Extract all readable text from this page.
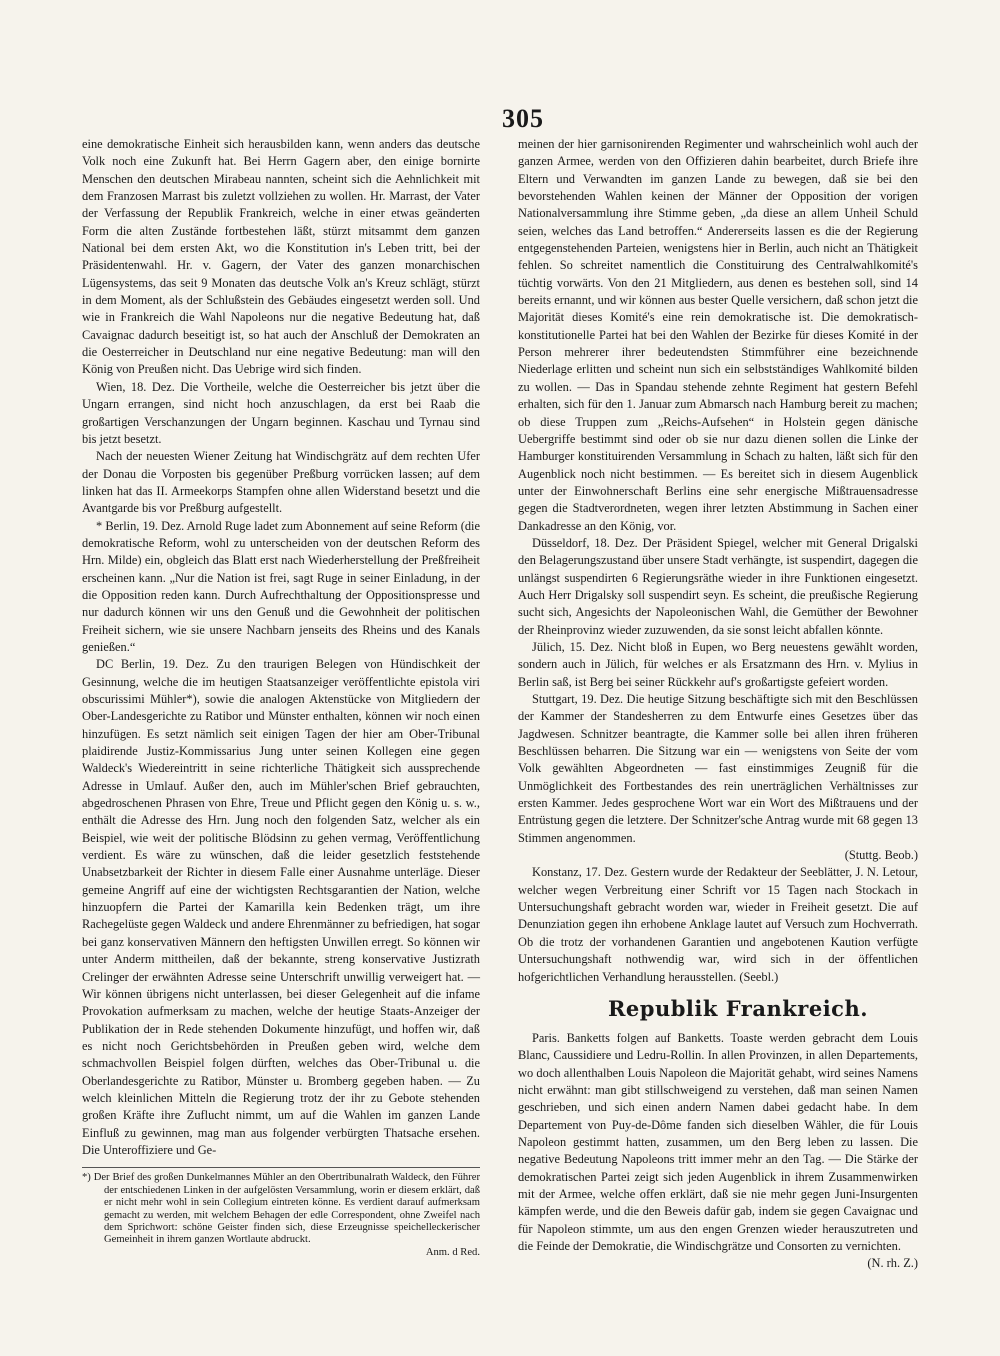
305

eine demokratische Einheit sich herausbilden kann, wenn anders das deutsche Volk noch eine Zukunft hat. Bei Herrn Gagern aber, den einige bornirte Menschen den deutschen Mirabeau nannten, scheint sich die Aehnlichkeit mit dem Franzosen Marrast bis zuletzt vollziehen zu wollen. Hr. Marrast, der Vater der Verfassung der Republik Frankreich, welche in einer etwas geänderten Form die alten Zustände fortbestehen läßt, stürzt mitsammt dem ganzen National bei dem ersten Akt, wo die Konstitution in's Leben tritt, bei der Präsidentenwahl. Hr. v. Gagern, der Vater des ganzen monarchischen Lügensystems, das seit 9 Monaten das deutsche Volk an's Kreuz schlägt, stürzt in dem Moment, als der Schlußstein des Gebäudes eingesetzt werden soll. Und wie in Frankreich die Wahl Napoleons nur die negative Bedeutung hat, daß Cavaignac dadurch beseitigt ist, so hat auch der Anschluß der Demokraten an die Oesterreicher in Deutschland nur eine negative Bedeutung: man will den König von Preußen nicht. Das Uebrige wird sich finden.

Wien, 18. Dez. Die Vortheile, welche die Oesterreicher bis jetzt über die Ungarn errangen, sind nicht hoch anzuschlagen, da erst bei Raab die großartigen Verschanzungen der Ungarn beginnen. Kaschau und Tyrnau sind bis jetzt besetzt.

Nach der neuesten Wiener Zeitung hat Windischgrätz auf dem rechten Ufer der Donau die Vorposten bis gegenüber Preßburg vorrücken lassen; auf dem linken hat das II. Armeekorps Stampfen ohne allen Widerstand besetzt und die Avantgarde bis vor Preßburg aufgestellt.

* Berlin, 19. Dez. Arnold Ruge ladet zum Abonnement auf seine Reform (die demokratische Reform, wohl zu unterscheiden von der deutschen Reform des Hrn. Milde) ein, obgleich das Blatt erst nach Wiederherstellung der Preßfreiheit erscheinen kann. „Nur die Nation ist frei, sagt Ruge in seiner Einladung, in der die Opposition reden kann. Durch Aufrechthaltung der Oppositionspresse und nur dadurch können wir uns den Genuß und die Gewohnheit der politischen Freiheit sichern, wie sie unsere Nachbarn jenseits des Rheins und des Kanals genießen.“

DC Berlin, 19. Dez. Zu den traurigen Belegen von Hündischkeit der Gesinnung, welche die im heutigen Staatsanzeiger veröffentlichte epistola viri obscurissimi Mühler*), sowie die analogen Aktenstücke von Mitgliedern der Ober-Landesgerichte zu Ratibor und Münster enthalten, können wir noch einen hinzufügen. Es setzt nämlich seit einigen Tagen der hier am Ober-Tribunal plaidirende Justiz-Kommissarius Jung unter seinen Kollegen eine gegen Waldeck's Wiedereintritt in seine richterliche Thätigkeit sich aussprechende Adresse in Umlauf. Außer den, auch im Mühler'schen Brief gebrauchten, abgedroschenen Phrasen von Ehre, Treue und Pflicht gegen den König u. s. w., enthält die Adresse des Hrn. Jung noch den folgenden Satz, welcher als ein Beispiel, wie weit der politische Blödsinn zu gehen vermag, Veröffentlichung verdient. Es wäre zu wünschen, daß die leider gesetzlich feststehende Unabsetzbarkeit der Richter in diesem Falle einer Ausnahme unterläge. Dieser gemeine Angriff auf eine der wichtigsten Rechtsgarantien der Nation, welche hinzuopfern die Partei der Kamarilla kein Bedenken trägt, um ihre Rachegelüste gegen Waldeck und andere Ehrenmänner zu befriedigen, hat sogar bei ganz konservativen Männern den heftigsten Unwillen erregt. So können wir unter Anderm mittheilen, daß der bekannte, streng konservative Justizrath Crelinger der erwähnten Adresse seine Unterschrift unwillig verweigert hat. — Wir können übrigens nicht unterlassen, bei dieser Gelegenheit auf die infame Provokation aufmerksam zu machen, welche der heutige Staats-Anzeiger der Publikation der in Rede stehenden Dokumente hinzufügt, und hoffen wir, daß es nicht noch Gerichtsbehörden in Preußen geben wird, welche dem schmachvollen Beispiel folgen dürften, welches das Ober-Tribunal u. die Oberlandesgerichte zu Ratibor, Münster u. Bromberg gegeben haben. — Zu welch kleinlichen Mitteln die Regierung trotz der ihr zu Gebote stehenden großen Kräfte ihre Zuflucht nimmt, um auf die Wahlen im ganzen Lande Einfluß zu gewinnen, mag man aus folgender verbürgten Thatsache ersehen. Die Unteroffiziere und Ge-

*) Der Brief des großen Dunkelmannes Mühler an den Obertribunalrath Waldeck, den Führer der entschiedenen Linken in der aufgelösten Versammlung, worin er diesem erklärt, daß er nicht mehr wohl in sein Collegium eintreten könne. Es verdient darauf aufmerksam gemacht zu werden, mit welchem Behagen der edle Correspondent, ohne Zweifel nach dem Sprichwort: schöne Geister finden sich, diese Erzeugnisse speichelleckerischer Gemeinheit in ihrem ganzen Wortlaute abdruckt.
Anm. d Red.

meinen der hier garnisonirenden Regimenter und wahrscheinlich wohl auch der ganzen Armee, werden von den Offizieren dahin bearbeitet, durch Briefe ihre Eltern und Verwandten im ganzen Lande zu bewegen, daß sie bei den bevorstehenden Wahlen keinen der Männer der Opposition der vorigen Nationalversammlung ihre Stimme geben, „da diese an allem Unheil Schuld seien, welches das Land betroffen.“ Andererseits lassen es die der Regierung entgegenstehenden Parteien, wenigstens hier in Berlin, auch nicht an Thätigkeit fehlen. So schreitet namentlich die Constituirung des Centralwahlkomité's tüchtig vorwärts. Von den 21 Mitgliedern, aus denen es bestehen soll, sind 14 bereits ernannt, und wir können aus bester Quelle versichern, daß schon jetzt die Majorität dieses Komité's eine rein demokratische ist. Die demokratisch-konstitutionelle Partei hat bei den Wahlen der Bezirke für dieses Komité in der Person mehrerer ihrer bedeutendsten Stimmführer eine bezeichnende Niederlage erlitten und scheint nun sich ein selbstständiges Wahlkomité bilden zu wollen. — Das in Spandau stehende zehnte Regiment hat gestern Befehl erhalten, sich für den 1. Januar zum Abmarsch nach Hamburg bereit zu machen; ob diese Truppen zum „Reichs-Aufsehen“ in Holstein gegen dänische Uebergriffe bestimmt sind oder ob sie nur dazu dienen sollen die Linke der Hamburger konstituirenden Versammlung in Schach zu halten, läßt sich für den Augenblick noch nicht bestimmen. — Es bereitet sich in diesem Augenblick unter der Einwohnerschaft Berlins eine sehr energische Mißtrauensadresse gegen die Stadtverordneten, wegen ihrer letzten Abstimmung in Sachen einer Dankadresse an den König, vor.

Düsseldorf, 18. Dez. Der Präsident Spiegel, welcher mit General Drigalski den Belagerungszustand über unsere Stadt verhängte, ist suspendirt, dagegen die unlängst suspendirten 6 Regierungsräthe wieder in ihre Funktionen eingesetzt. Auch Herr Drigalsky soll suspendirt seyn. Es scheint, die preußische Regierung sucht sich, Angesichts der Napoleonischen Wahl, die Gemüther der Bewohner der Rheinprovinz wieder zuzuwenden, da sie sonst leicht abfallen könnte.

Jülich, 15. Dez. Nicht bloß in Eupen, wo Berg neuestens gewählt worden, sondern auch in Jülich, für welches er als Ersatzmann des Hrn. v. Mylius in Berlin saß, ist Berg bei seiner Rückkehr auf's großartigste gefeiert worden.

Stuttgart, 19. Dez. Die heutige Sitzung beschäftigte sich mit den Beschlüssen der Kammer der Standesherren zu dem Entwurfe eines Gesetzes über das Jagdwesen. Schnitzer beantragte, die Kammer solle bei allen ihren früheren Beschlüssen beharren. Die Sitzung war ein — wenigstens von Seite der vom Volk gewählten Abgeordneten — fast einstimmiges Zeugniß für die Unmöglichkeit des Fortbestandes des rein unerträglichen Verhältnisses zur ersten Kammer. Jedes gesprochene Wort war ein Wort des Mißtrauens und der Entrüstung gegen die letztere. Der Schnitzer'sche Antrag wurde mit 68 gegen 13 Stimmen angenommen.

(Stuttg. Beob.)

Konstanz, 17. Dez. Gestern wurde der Redakteur der Seeblätter, J. N. Letour, welcher wegen Verbreitung einer Schrift vor 15 Tagen nach Stockach in Untersuchungshaft gebracht worden war, wieder in Freiheit gesetzt. Die auf Denunziation gegen ihn erhobene Anklage lautet auf Versuch zum Hochverrath. Ob die trotz der vorhandenen Garantien und angebotenen Kaution verfügte Untersuchungshaft nothwendig war, wird sich in der öffentlichen hofgerichtlichen Verhandlung herausstellen. (Seebl.)

Republik Frankreich.

Paris. Banketts folgen auf Banketts. Toaste werden gebracht dem Louis Blanc, Caussidiere und Ledru-Rollin. In allen Provinzen, in allen Departements, wo doch allenthalben Louis Napoleon die Majorität gehabt, wird seines Namens nicht erwähnt: man gibt stillschweigend zu verstehen, daß man seinen Namen geschrieben, und sich einen andern Namen dabei gedacht habe. In dem Departement von Puy-de-Dôme fanden sich dieselben Wähler, die für Louis Napoleon gestimmt hatten, zusammen, um den Berg leben zu lassen. Die negative Bedeutung Napoleons tritt immer mehr an den Tag. — Die Stärke der demokratischen Partei zeigt sich jeden Augenblick in ihrem Zusammenwirken mit der Armee, welche offen erklärt, daß sie nie mehr gegen Juni-Insurgenten kämpfen werde, und die den Beweis dafür gab, indem sie gegen Cavaignac und für Napoleon stimmte, um aus den engen Grenzen wieder herauszutreten und die Feinde der Demokratie, die Windischgrätze und Consorten zu vernichten.

(N. rh. Z.)
